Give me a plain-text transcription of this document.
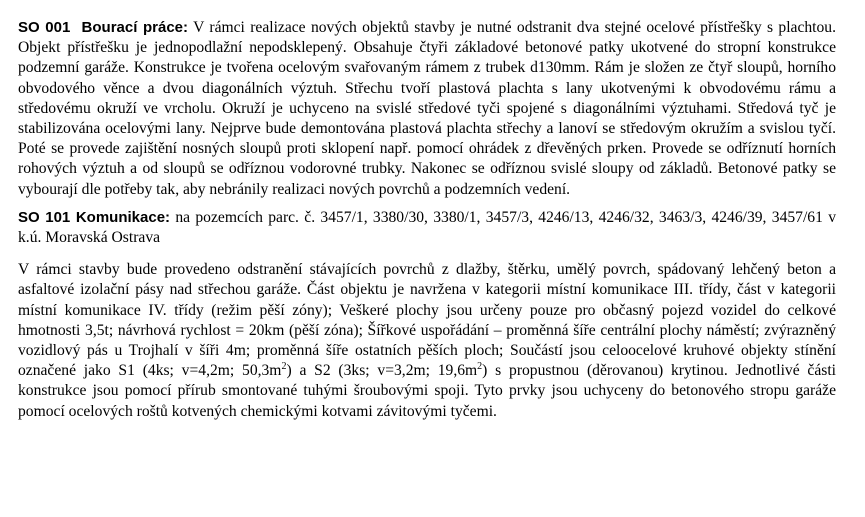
SO 001 Bourací práce: V rámci realizace nových objektů stavby je nutné odstranit dva stejné ocelové přístřešky s plachtou. Objekt přístřešku je jednopodlažní nepodsklepený. Obsahuje čtyři základové betonové patky ukotvené do stropní konstrukce podzemní garáže. Konstrukce je tvořena ocelovým svařovaným rámem z trubek d130mm. Rám je složen ze čtyř sloupů, horního obvodového věnce a dvou diagonálních výztuh. Střechu tvoří plastová plachta s lany ukotvenými k obvodovému rámu a středovému okruží ve vrcholu. Okruží je uchyceno na svislé středové tyči spojené s diagonálními výztuhami. Středová tyč je stabilizována ocelovými lany. Nejprve bude demontována plastová plachta střechy a lanoví se středovým okružím a svislou tyčí. Poté se provede zajištění nosných sloupů proti sklopení např. pomocí ohrádek z dřevěných prken. Provede se odříznutí horních rohových výztuh a od sloupů se odříznou vodorovné trubky. Nakonec se odříznou svislé sloupy od základů. Betonové patky se vybourají dle potřeby tak, aby nebránily realizaci nových povrchů a podzemních vedení.

SO 101 Komunikace: na pozemcích parc. č. 3457/1, 3380/30, 3380/1, 3457/3, 4246/13, 4246/32, 3463/3, 4246/39, 3457/61 v k.ú. Moravská Ostrava

V rámci stavby bude provedeno odstranění stávajících povrchů z dlažby, štěrku, umělý povrch, spádovaný lehčený beton a asfaltové izolační pásy nad střechou garáže. Část objektu je navržena v kategorii místní komunikace III. třídy, část v kategorii místní komunikace IV. třídy (režim pěší zóny); Veškeré plochy jsou určeny pouze pro občasný pojezd vozidel do celkové hmotnosti 3,5t; návrhová rychlost = 20km (pěší zóna); Šířkové uspořádání – proměnná šíře centrální plochy náměstí; zvýrazněný vozidlový pás u Trojhalí v šíři 4m; proměnná šíře ostatních pěších ploch; Součástí jsou celoocelové kruhové objekty stínění označené jako S1 (4ks; v=4,2m; $50,3m^2$) a S2 (3ks; v=3,2m; $19,6m^2$) s propustnou (děrovanou) krytinou. Jednotlivé části konstrukce jsou pomocí přírub smontované tuhými šroubovými spoji. Tyto prvky jsou uchyceny do betonového stropu garáže pomocí ocelových roštů kotvených chemickými kotvami závitovými tyčemi.
